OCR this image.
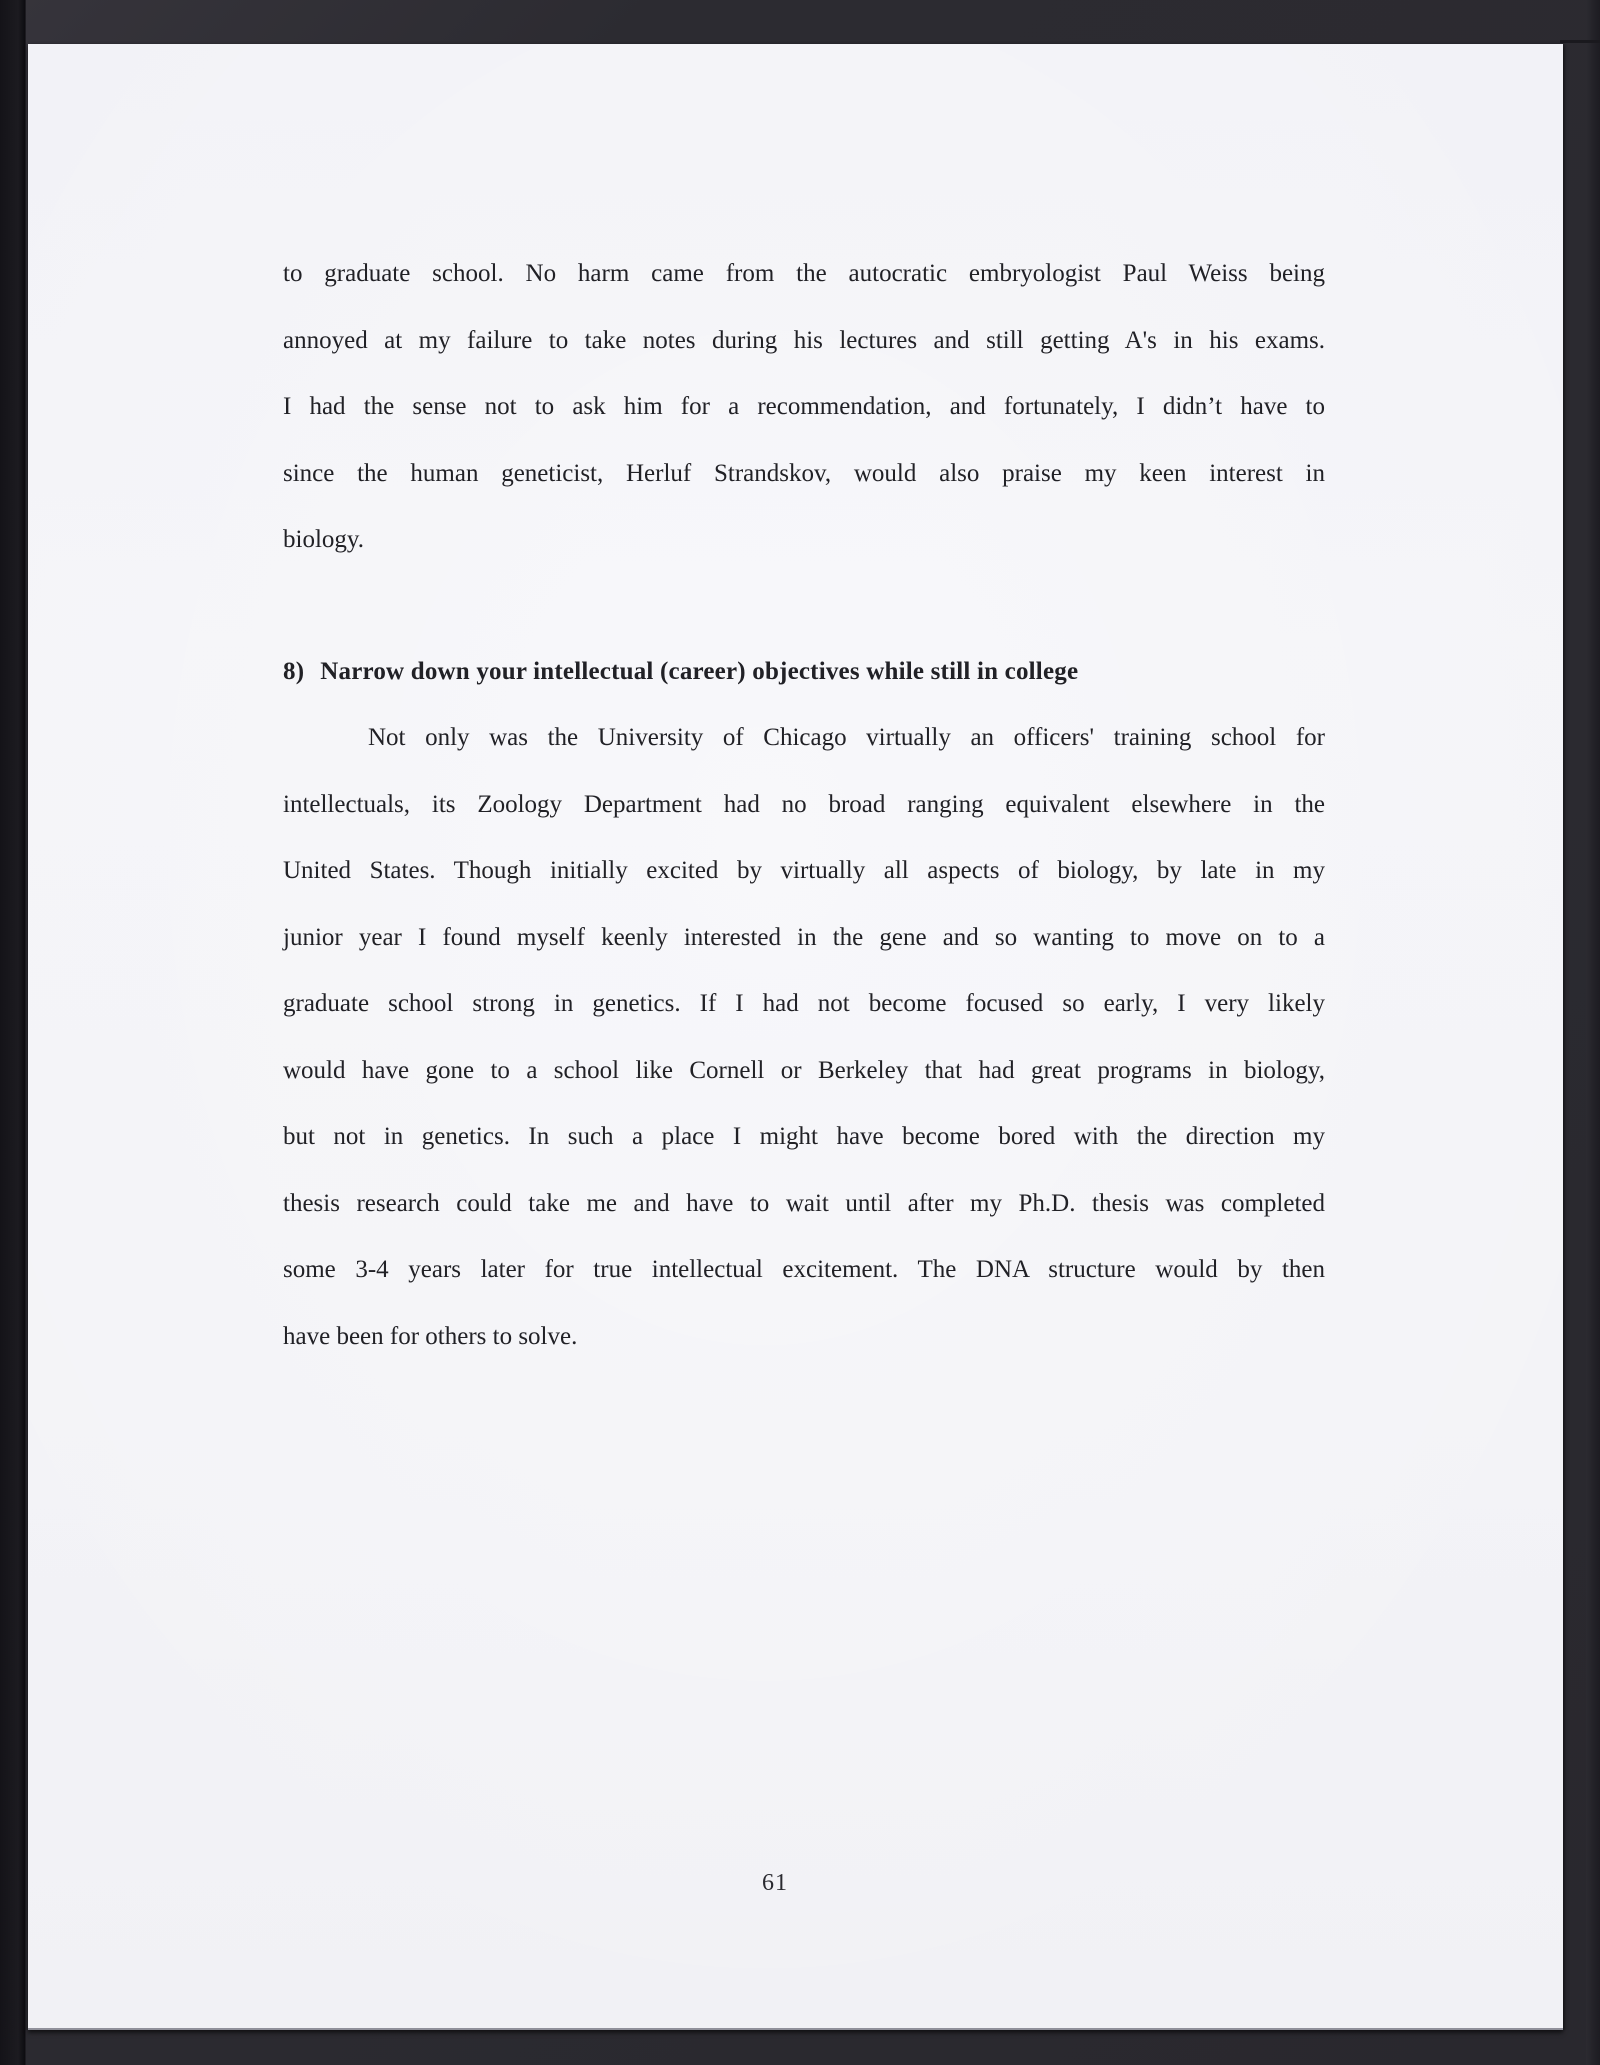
to graduate school. No harm came from the autocratic embryologist Paul Weiss being
annoyed at my failure to take notes during his lectures and still getting A's in his exams.
I had the sense not to ask him for a recommendation, and fortunately, I didn’t have to
since the human geneticist, Herluf Strandskov, would also praise my keen interest in
biology.
8) Narrow down your intellectual (career) objectives while still in college
Not only was the University of Chicago virtually an officers' training school for
intellectuals, its Zoology Department had no broad ranging equivalent elsewhere in the
United States. Though initially excited by virtually all aspects of biology, by late in my
junior year I found myself keenly interested in the gene and so wanting to move on to a
graduate school strong in genetics. If I had not become focused so early, I very likely
would have gone to a school like Cornell or Berkeley that had great programs in biology,
but not in genetics. In such a place I might have become bored with the direction my
thesis research could take me and have to wait until after my Ph.D. thesis was completed
some 3-4 years later for true intellectual excitement. The DNA structure would by then
have been for others to solve.
61
